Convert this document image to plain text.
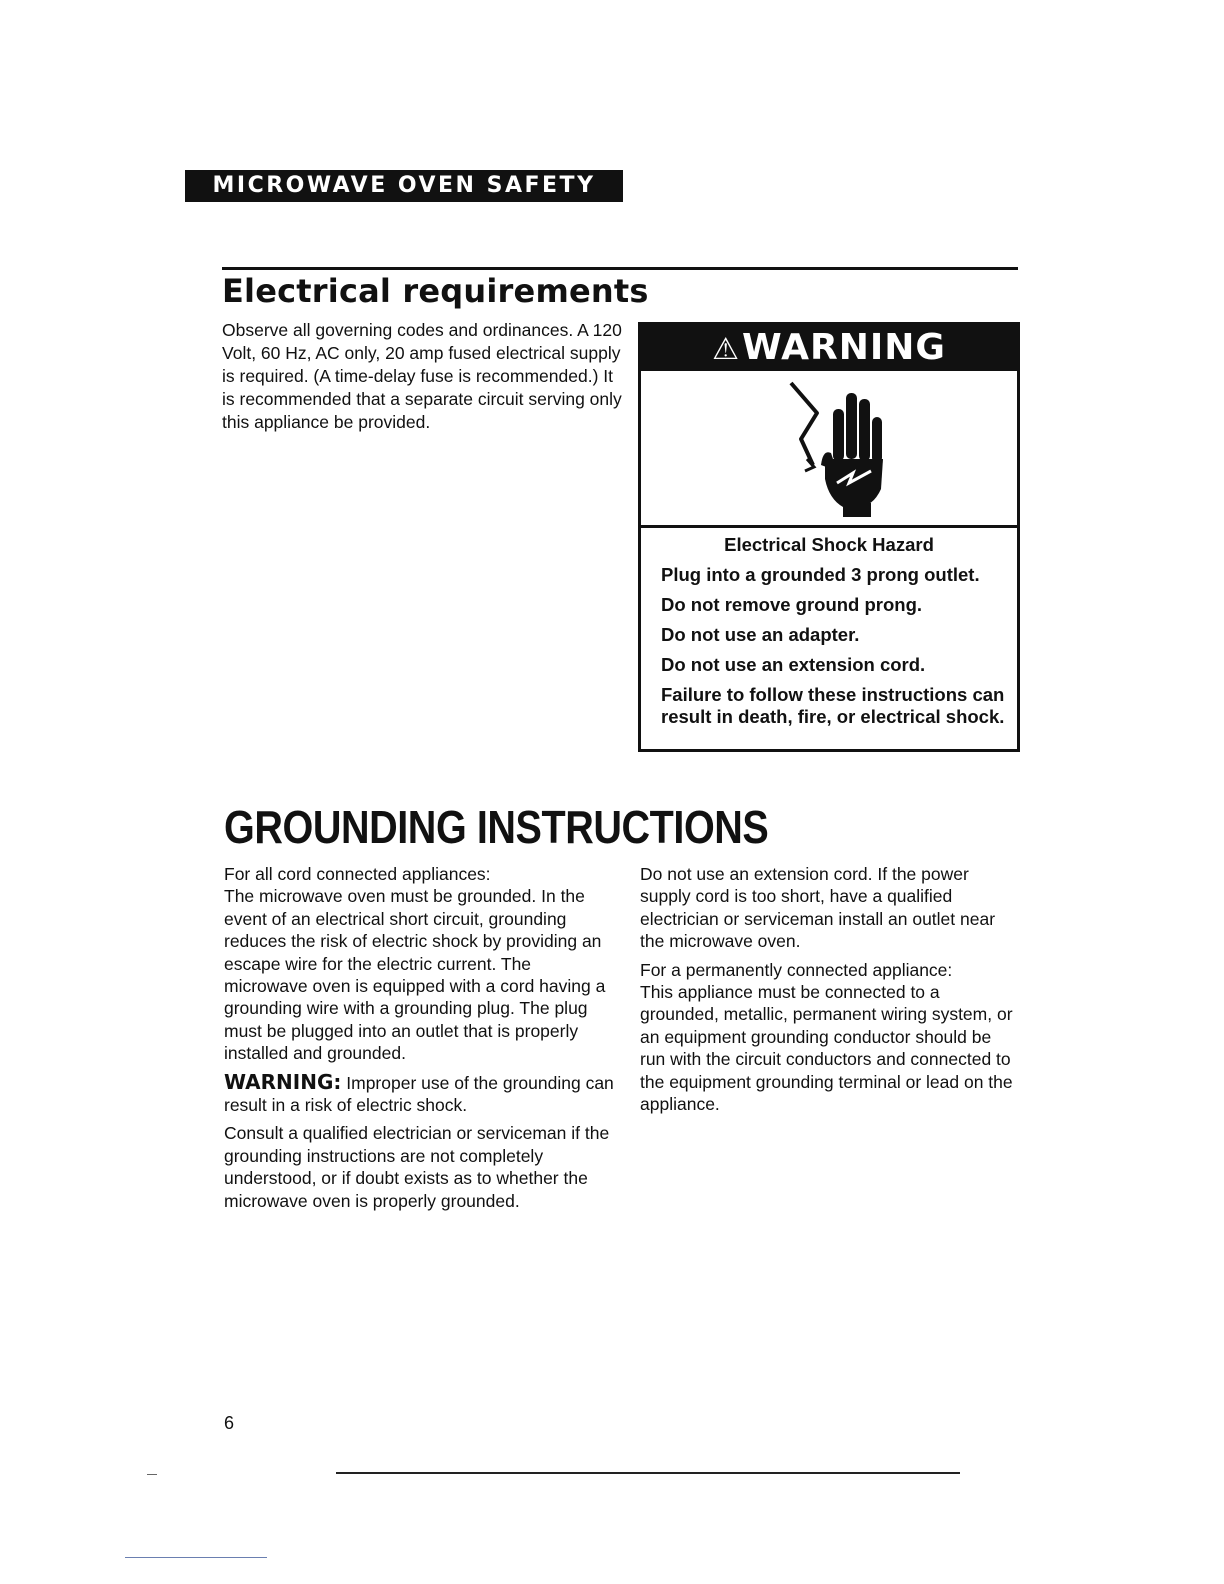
MICROWAVE OVEN SAFETY
Electrical requirements

Observe all governing codes and ordinances. A 120 Volt, 60 Hz, AC only, 20 amp fused electrical supply is required. (A time-delay fuse is recommended.) It is recommended that a separate circuit serving only this appliance be provided.

⚠WARNING

Electrical Shock Hazard

Plug into a grounded 3 prong outlet.

Do not remove ground prong.

Do not use an adapter.

Do not use an extension cord.

Failure to follow these instructions can result in death, fire, or electrical shock.

GROUNDING INSTRUCTIONS

For all cord connected appliances:
The microwave oven must be grounded. In the event of an electrical short circuit, grounding reduces the risk of electric shock by providing an escape wire for the electric current. The microwave oven is equipped with a cord having a grounding wire with a grounding plug. The plug must be plugged into an outlet that is properly installed and grounded.

WARNING: Improper use of the grounding can result in a risk of electric shock.

Consult a qualified electrician or serviceman if the grounding instructions are not completely understood, or if doubt exists as to whether the microwave oven is properly grounded.

Do not use an extension cord. If the power supply cord is too short, have a qualified electrician or serviceman install an outlet near the microwave oven.

For a permanently connected appliance:
This appliance must be connected to a grounded, metallic, permanent wiring system, or an equipment grounding conductor should be run with the circuit conductors and connected to the equipment grounding terminal or lead on the appliance.

6
